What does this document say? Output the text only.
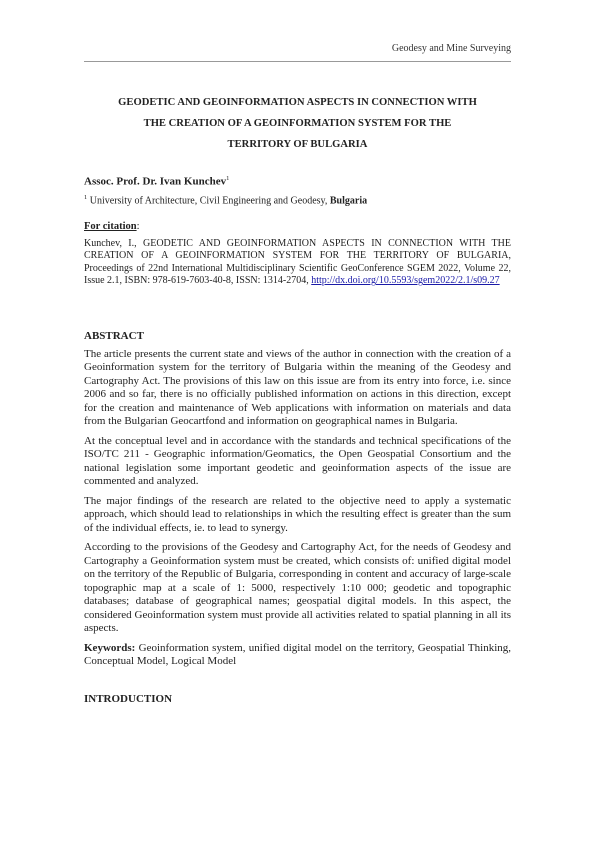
Geodesy and Mine Surveying
GEODETIC AND GEOINFORMATION ASPECTS IN CONNECTION WITH
THE CREATION OF A GEOINFORMATION SYSTEM FOR THE
TERRITORY OF BULGARIA

Assoc. Prof. Dr. Ivan Kunchev$^1$

$^1$ University of Architecture, Civil Engineering and Geodesy, Bulgaria

For citation:

Kunchev, I., GEODETIC AND GEOINFORMATION ASPECTS IN CONNECTION WITH THE CREATION OF A GEOINFORMATION SYSTEM FOR THE TERRITORY OF BULGARIA, Proceedings of 22nd International Multidisciplinary Scientific GeoConference SGEM 2022, Volume 22, Issue 2.1, ISBN: 978-619-7603-40-8, ISSN: 1314-2704, http://dx.doi.org/10.5593/sgem2022/2.1/s09.27

ABSTRACT

The article presents the current state and views of the author in connection with the creation of a Geoinformation system for the territory of Bulgaria within the meaning of the Geodesy and Cartography Act. The provisions of this law on this issue are from its entry into force, i.e. since 2006 and so far, there is no officially published information on actions in this direction, except for the creation and maintenance of Web applications with information on materials and data from the Bulgarian Geocartfond and information on geographical names in Bulgaria.

At the conceptual level and in accordance with the standards and technical specifications of the ISO/TC 211 - Geographic information/Geomatics, the Open Geospatial Consortium and the national legislation some important geodetic and geoinformation aspects of the issue are commented and analyzed.

The major findings of the research are related to the objective need to apply a systematic approach, which should lead to relationships in which the resulting effect is greater than the sum of the individual effects, ie. to lead to synergy.

According to the provisions of the Geodesy and Cartography Act, for the needs of Geodesy and Cartography a Geoinformation system must be created, which consists of: unified digital model on the territory of the Republic of Bulgaria, corresponding in content and accuracy of large-scale topographic map at a scale of 1: 5000, respectively 1:10 000; geodetic and topographic databases; database of geographical names; geospatial digital models. In this aspect, the considered Geoinformation system must provide all activities related to spatial planning in all its aspects.

Keywords: Geoinformation system, unified digital model on the territory, Geospatial Thinking, Conceptual Model, Logical Model

INTRODUCTION
